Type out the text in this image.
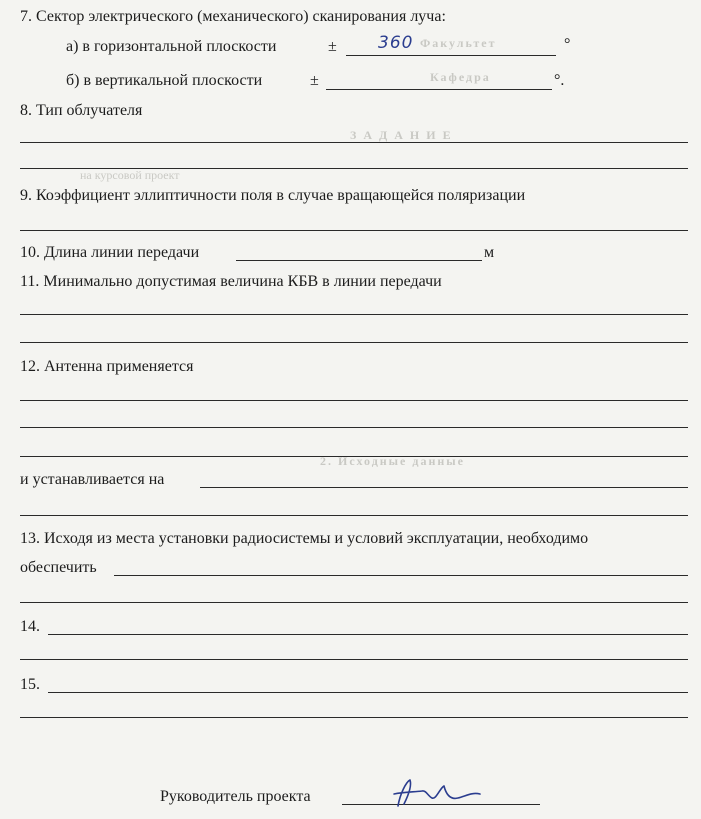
Факультет
Кафедра
З А Д А Н И Е
на курсовой проект
2. Исходные данные
7. Сектор электрического (механического) сканирования луча:
а) в горизонтальной плоскости	± 360	°
б) в вертикальной плоскости	±	°.
8. Тип облучателя
9. Коэффициент эллиптичности поля в случае вращающейся поляризации
10. Длина линии передачи	м
11. Минимально допустимая величина КБВ в линии передачи
12. Антенна применяется
и устанавливается на
13. Исходя из места установки радиосистемы и условий эксплуатации, необходимо
обеспечить
14.
15.
Руководитель проекта
